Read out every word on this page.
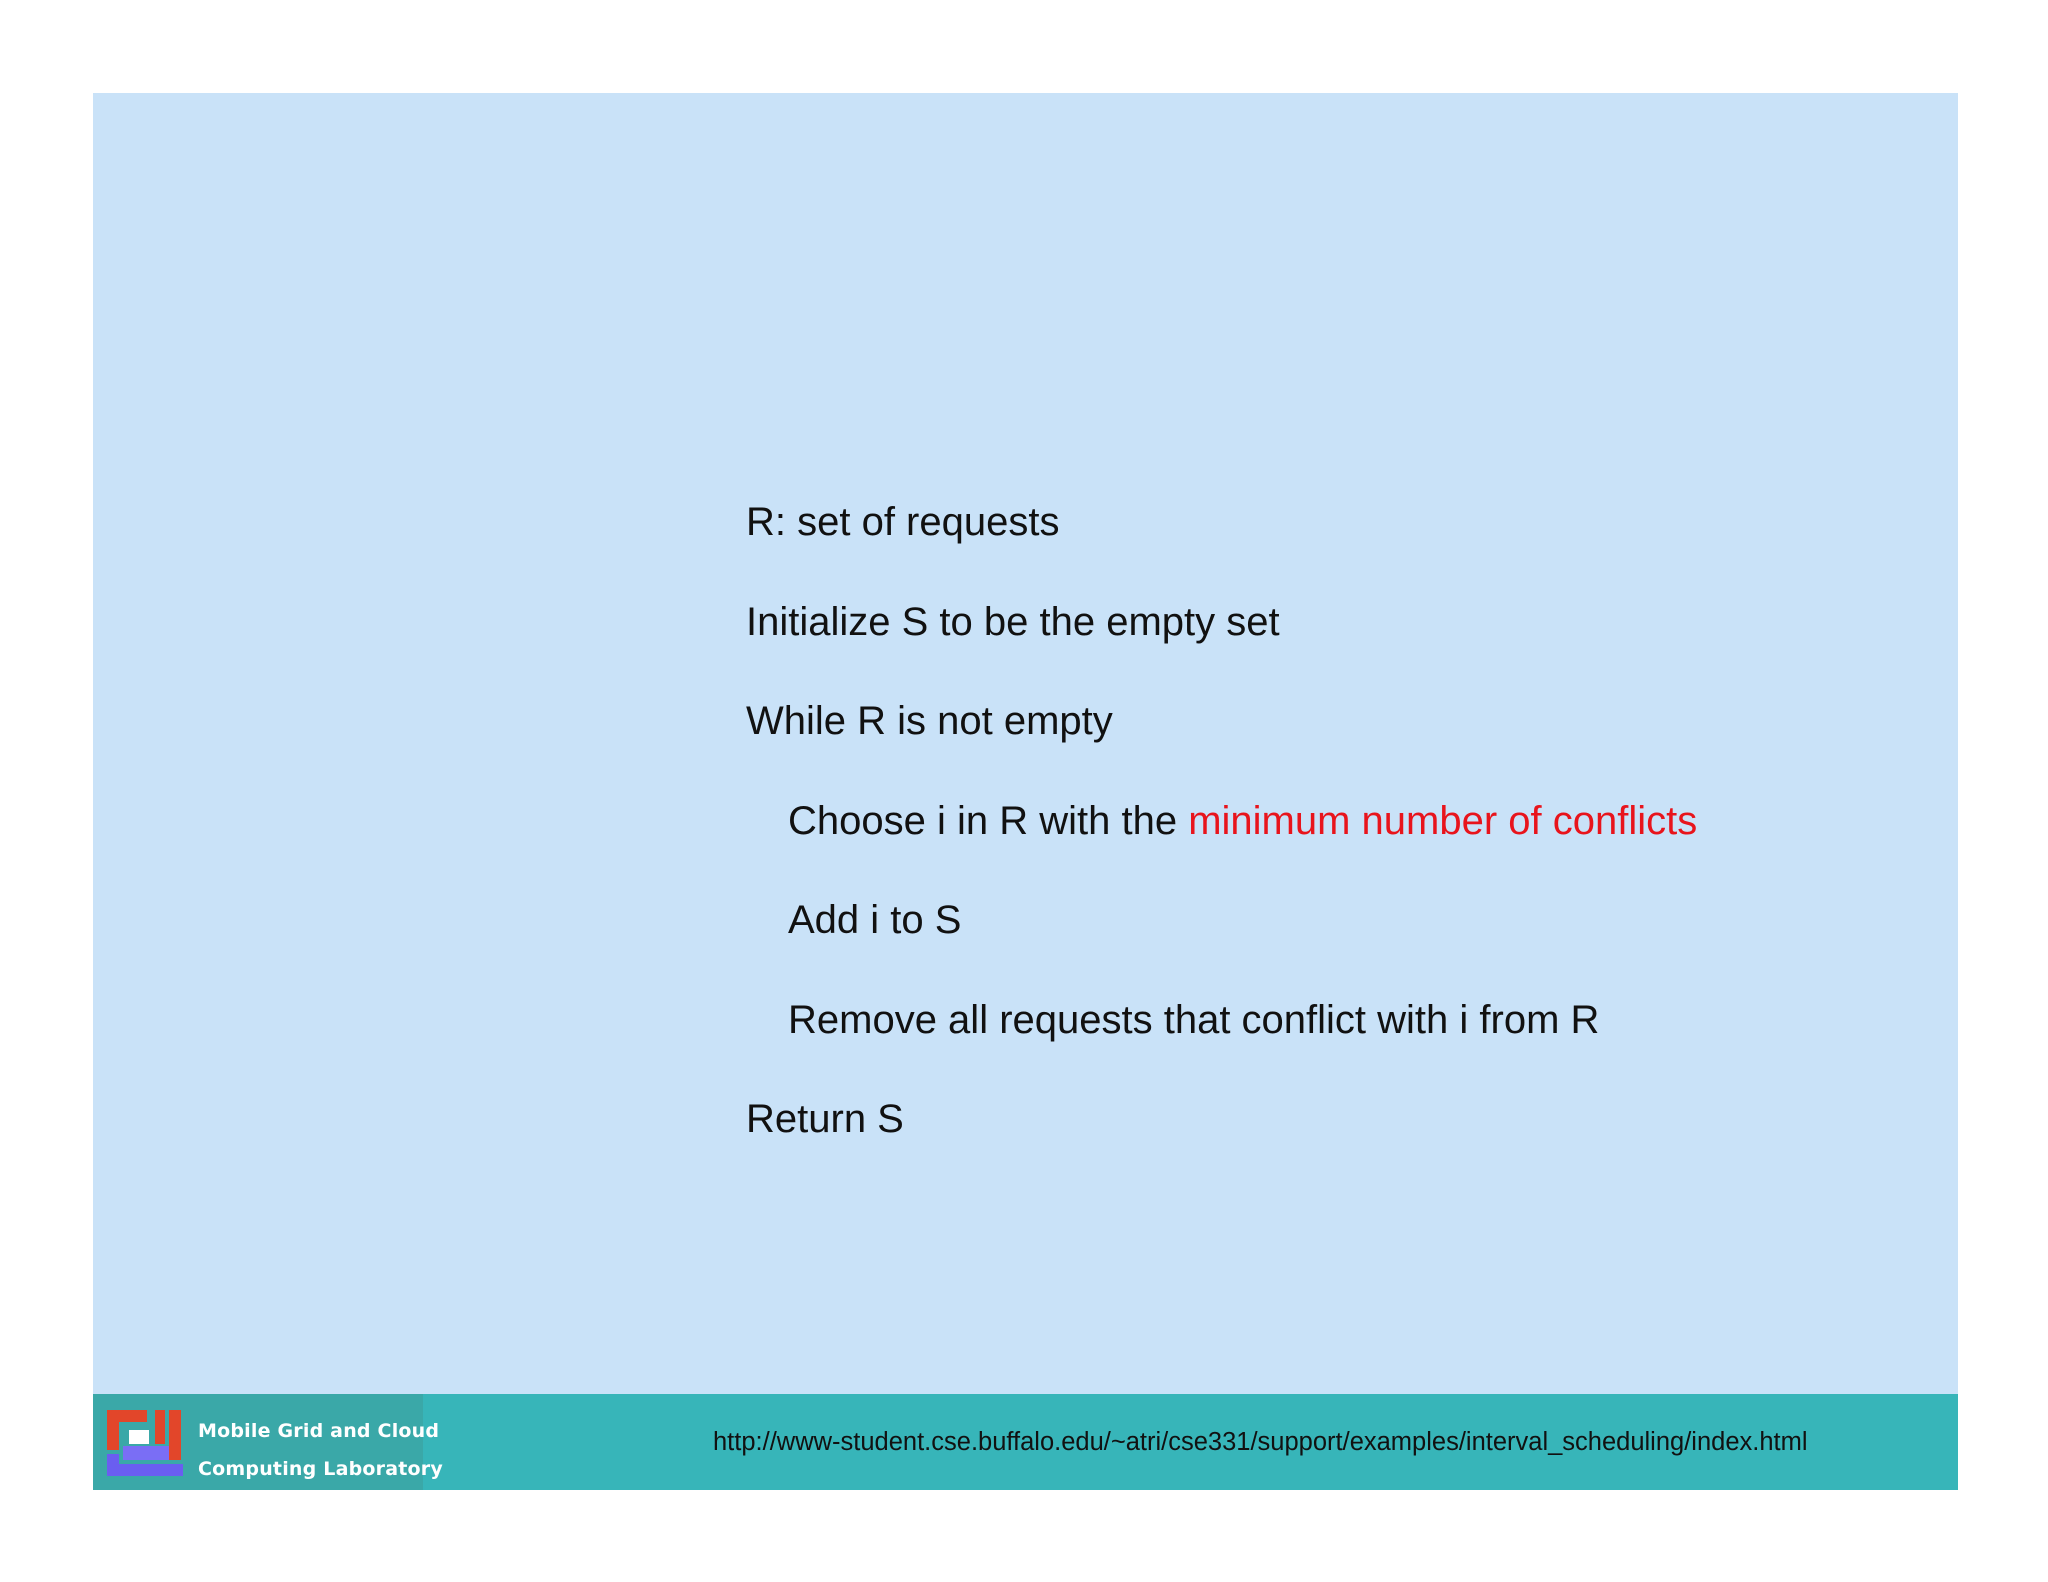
R: set of requests
Initialize S to be the empty set
While R is not empty
Choose i in R with the minimum number of conflicts
Add i to S
Remove all requests that conflict with i from R
Return S
Mobile Grid and Cloud
Computing Laboratory
http://www-student.cse.buffalo.edu/~atri/cse331/support/examples/interval_scheduling/index.html
